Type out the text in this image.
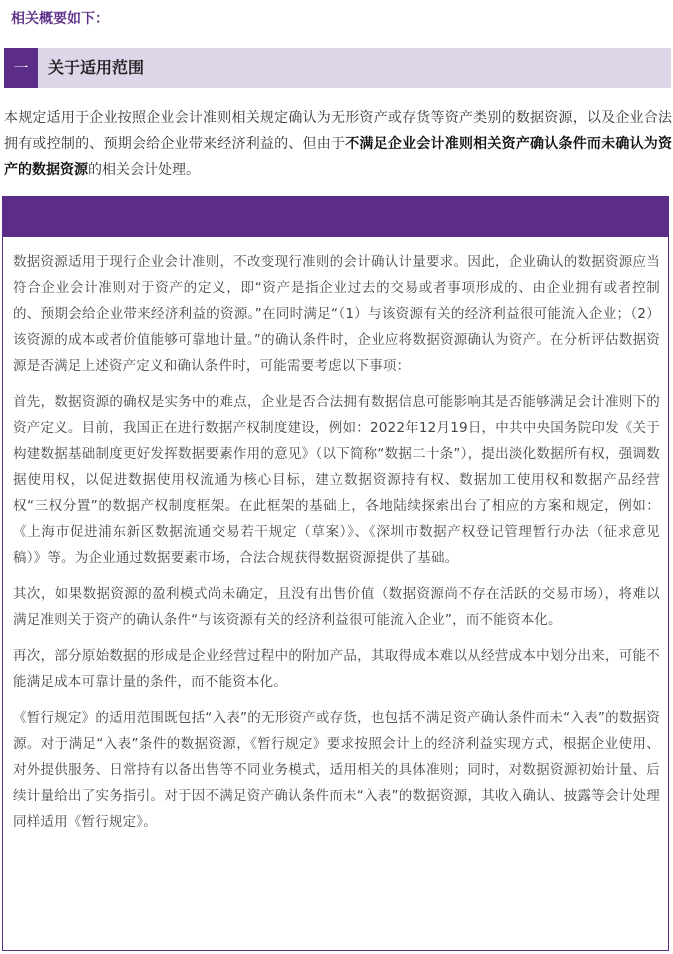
相关概要如下：
一	关于适用范围
本规定适用于企业按照企业会计准则相关规定确认为无形资产或存货等资产类别的数据资源，以及企业合法拥有或控制的、预期会给企业带来经济利益的、但由于不满足企业会计准则相关资产确认条件而未确认为资产的数据资源的相关会计处理。

数据资源适用于现行企业会计准则，不改变现行准则的会计确认计量要求。因此，企业确认的数据资源应当符合企业会计准则对于资产的定义，即“资产是指企业过去的交易或者事项形成的、由企业拥有或者控制的、预期会给企业带来经济利益的资源。”在同时满足“（1）与该资源有关的经济利益很可能流入企业；（2）该资源的成本或者价值能够可靠地计量。”的确认条件时，企业应将数据资源确认为资产。在分析评估数据资源是否满足上述资产定义和确认条件时，可能需要考虑以下事项：

首先，数据资源的确权是实务中的难点，企业是否合法拥有数据信息可能影响其是否能够满足会计准则下的资产定义。目前，我国正在进行数据产权制度建设，例如：2022年12月19日，中共中央国务院印发《关于构建数据基础制度更好发挥数据要素作用的意见》（以下简称“数据二十条”），提出淡化数据所有权，强调数据使用权，以促进数据使用权流通为核心目标，建立数据资源持有权、数据加工使用权和数据产品经营权“三权分置”的数据产权制度框架。在此框架的基础上，各地陆续探索出台了相应的方案和规定，例如：《上海市促进浦东新区数据流通交易若干规定（草案）》、《深圳市数据产权登记管理暂行办法（征求意见稿）》等。为企业通过数据要素市场，合法合规获得数据资源提供了基础。

其次，如果数据资源的盈利模式尚未确定，且没有出售价值（数据资源尚不存在活跃的交易市场），将难以满足准则关于资产的确认条件“与该资源有关的经济利益很可能流入企业”，而不能资本化。

再次，部分原始数据的形成是企业经营过程中的附加产品，其取得成本难以从经营成本中划分出来，可能不能满足成本可靠计量的条件，而不能资本化。

《暂行规定》的适用范围既包括“入表”的无形资产或存货，也包括不满足资产确认条件而未“入表”的数据资源。对于满足“入表”条件的数据资源，《暂行规定》要求按照会计上的经济利益实现方式，根据企业使用、对外提供服务、日常持有以备出售等不同业务模式，适用相关的具体准则；同时，对数据资源初始计量、后续计量给出了实务指引。对于因不满足资产确认条件而未“入表”的数据资源，其收入确认、披露等会计处理同样适用《暂行规定》。
